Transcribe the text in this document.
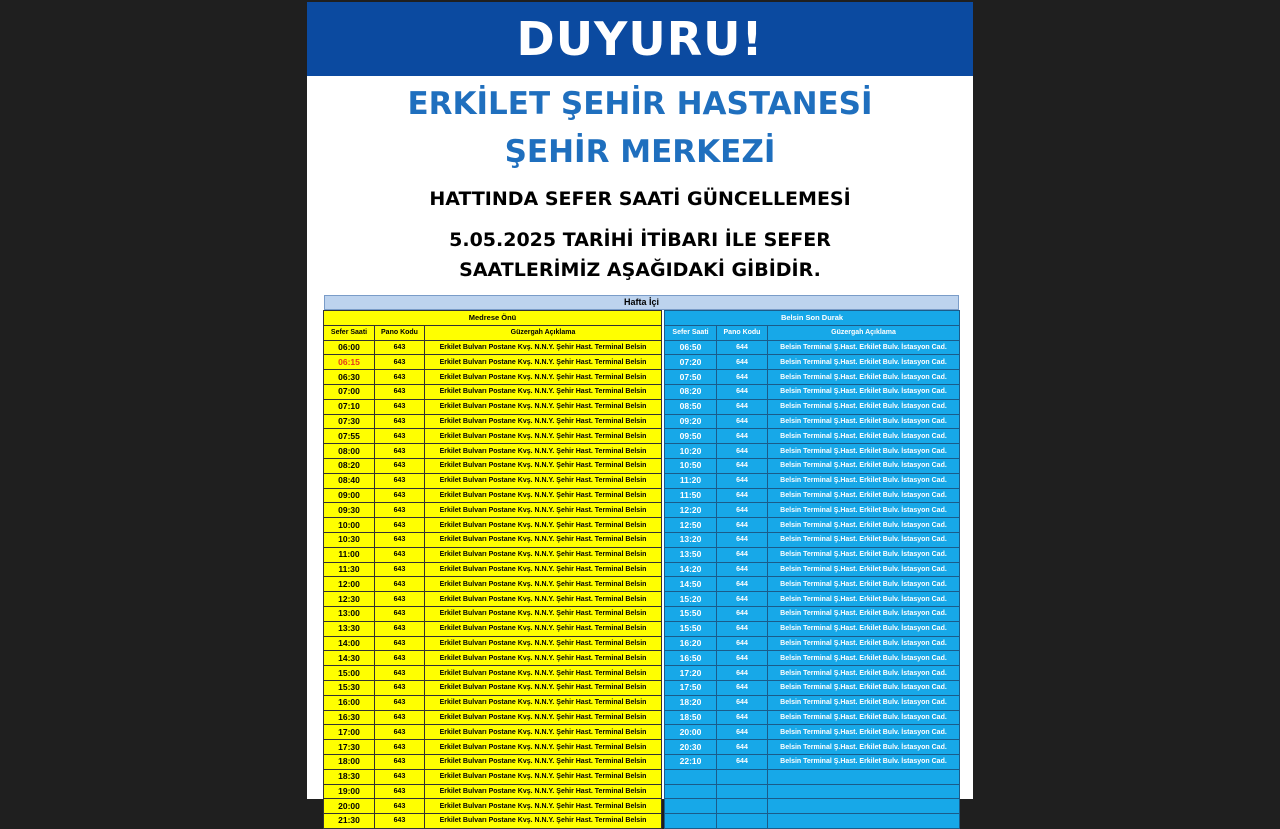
DUYURU!
ERKİLET ŞEHİR HASTANESİ
ŞEHİR MERKEZİ
HATTINDA SEFER SAATİ GÜNCELLEMESİ
5.05.2025 TARİHİ İTİBARI İLE SEFER
SAATLERİMİZ AŞAĞIDAKİ GİBİDİR.
Hafta İçi
Medrese Önü		
Sefer Saati	Pano Kodu	Güzergah Açıklama
06:00	643	Erkilet Bulvarı Postane Kvş. N.N.Y. Şehir Hast. Terminal Belsin
06:15	643	Erkilet Bulvarı Postane Kvş. N.N.Y. Şehir Hast. Terminal Belsin
06:30	643	Erkilet Bulvarı Postane Kvş. N.N.Y. Şehir Hast. Terminal Belsin
07:00	643	Erkilet Bulvarı Postane Kvş. N.N.Y. Şehir Hast. Terminal Belsin
07:10	643	Erkilet Bulvarı Postane Kvş. N.N.Y. Şehir Hast. Terminal Belsin
07:30	643	Erkilet Bulvarı Postane Kvş. N.N.Y. Şehir Hast. Terminal Belsin
07:55	643	Erkilet Bulvarı Postane Kvş. N.N.Y. Şehir Hast. Terminal Belsin
08:00	643	Erkilet Bulvarı Postane Kvş. N.N.Y. Şehir Hast. Terminal Belsin
08:20	643	Erkilet Bulvarı Postane Kvş. N.N.Y. Şehir Hast. Terminal Belsin
08:40	643	Erkilet Bulvarı Postane Kvş. N.N.Y. Şehir Hast. Terminal Belsin
09:00	643	Erkilet Bulvarı Postane Kvş. N.N.Y. Şehir Hast. Terminal Belsin
09:30	643	Erkilet Bulvarı Postane Kvş. N.N.Y. Şehir Hast. Terminal Belsin
10:00	643	Erkilet Bulvarı Postane Kvş. N.N.Y. Şehir Hast. Terminal Belsin
10:30	643	Erkilet Bulvarı Postane Kvş. N.N.Y. Şehir Hast. Terminal Belsin
11:00	643	Erkilet Bulvarı Postane Kvş. N.N.Y. Şehir Hast. Terminal Belsin
11:30	643	Erkilet Bulvarı Postane Kvş. N.N.Y. Şehir Hast. Terminal Belsin
12:00	643	Erkilet Bulvarı Postane Kvş. N.N.Y. Şehir Hast. Terminal Belsin
12:30	643	Erkilet Bulvarı Postane Kvş. N.N.Y. Şehir Hast. Terminal Belsin
13:00	643	Erkilet Bulvarı Postane Kvş. N.N.Y. Şehir Hast. Terminal Belsin
13:30	643	Erkilet Bulvarı Postane Kvş. N.N.Y. Şehir Hast. Terminal Belsin
14:00	643	Erkilet Bulvarı Postane Kvş. N.N.Y. Şehir Hast. Terminal Belsin
14:30	643	Erkilet Bulvarı Postane Kvş. N.N.Y. Şehir Hast. Terminal Belsin
15:00	643	Erkilet Bulvarı Postane Kvş. N.N.Y. Şehir Hast. Terminal Belsin
15:30	643	Erkilet Bulvarı Postane Kvş. N.N.Y. Şehir Hast. Terminal Belsin
16:00	643	Erkilet Bulvarı Postane Kvş. N.N.Y. Şehir Hast. Terminal Belsin
16:30	643	Erkilet Bulvarı Postane Kvş. N.N.Y. Şehir Hast. Terminal Belsin
17:00	643	Erkilet Bulvarı Postane Kvş. N.N.Y. Şehir Hast. Terminal Belsin
17:30	643	Erkilet Bulvarı Postane Kvş. N.N.Y. Şehir Hast. Terminal Belsin
18:00	643	Erkilet Bulvarı Postane Kvş. N.N.Y. Şehir Hast. Terminal Belsin
18:30	643	Erkilet Bulvarı Postane Kvş. N.N.Y. Şehir Hast. Terminal Belsin
19:00	643	Erkilet Bulvarı Postane Kvş. N.N.Y. Şehir Hast. Terminal Belsin
20:00	643	Erkilet Bulvarı Postane Kvş. N.N.Y. Şehir Hast. Terminal Belsin
21:30	643	Erkilet Bulvarı Postane Kvş. N.N.Y. Şehir Hast. Terminal Belsin
Belsin Son Durak		
Sefer Saati	Pano Kodu	Güzergah Açıklama
06:50	644	Belsin Terminal Ş.Hast. Erkilet Bulv. İstasyon Cad.
07:20	644	Belsin Terminal Ş.Hast. Erkilet Bulv. İstasyon Cad.
07:50	644	Belsin Terminal Ş.Hast. Erkilet Bulv. İstasyon Cad.
08:20	644	Belsin Terminal Ş.Hast. Erkilet Bulv. İstasyon Cad.
08:50	644	Belsin Terminal Ş.Hast. Erkilet Bulv. İstasyon Cad.
09:20	644	Belsin Terminal Ş.Hast. Erkilet Bulv. İstasyon Cad.
09:50	644	Belsin Terminal Ş.Hast. Erkilet Bulv. İstasyon Cad.
10:20	644	Belsin Terminal Ş.Hast. Erkilet Bulv. İstasyon Cad.
10:50	644	Belsin Terminal Ş.Hast. Erkilet Bulv. İstasyon Cad.
11:20	644	Belsin Terminal Ş.Hast. Erkilet Bulv. İstasyon Cad.
11:50	644	Belsin Terminal Ş.Hast. Erkilet Bulv. İstasyon Cad.
12:20	644	Belsin Terminal Ş.Hast. Erkilet Bulv. İstasyon Cad.
12:50	644	Belsin Terminal Ş.Hast. Erkilet Bulv. İstasyon Cad.
13:20	644	Belsin Terminal Ş.Hast. Erkilet Bulv. İstasyon Cad.
13:50	644	Belsin Terminal Ş.Hast. Erkilet Bulv. İstasyon Cad.
14:20	644	Belsin Terminal Ş.Hast. Erkilet Bulv. İstasyon Cad.
14:50	644	Belsin Terminal Ş.Hast. Erkilet Bulv. İstasyon Cad.
15:20	644	Belsin Terminal Ş.Hast. Erkilet Bulv. İstasyon Cad.
15:50	644	Belsin Terminal Ş.Hast. Erkilet Bulv. İstasyon Cad.
15:50	644	Belsin Terminal Ş.Hast. Erkilet Bulv. İstasyon Cad.
16:20	644	Belsin Terminal Ş.Hast. Erkilet Bulv. İstasyon Cad.
16:50	644	Belsin Terminal Ş.Hast. Erkilet Bulv. İstasyon Cad.
17:20	644	Belsin Terminal Ş.Hast. Erkilet Bulv. İstasyon Cad.
17:50	644	Belsin Terminal Ş.Hast. Erkilet Bulv. İstasyon Cad.
18:20	644	Belsin Terminal Ş.Hast. Erkilet Bulv. İstasyon Cad.
18:50	644	Belsin Terminal Ş.Hast. Erkilet Bulv. İstasyon Cad.
20:00	644	Belsin Terminal Ş.Hast. Erkilet Bulv. İstasyon Cad.
20:30	644	Belsin Terminal Ş.Hast. Erkilet Bulv. İstasyon Cad.
22:10	644	Belsin Terminal Ş.Hast. Erkilet Bulv. İstasyon Cad.
